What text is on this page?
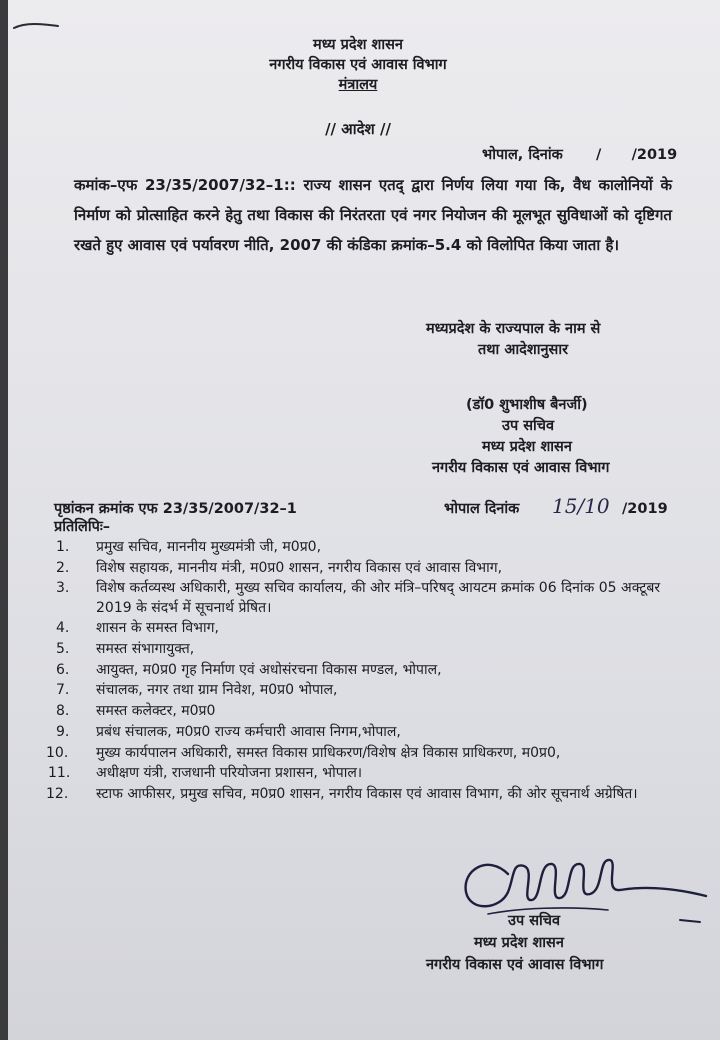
मध्य प्रदेश शासन
नगरीय विकास एवं आवास विभाग
मंत्रालय
// आदेश //
भोपाल, दिनांक /      /2019
कमांक–एफ 23/35/2007/32–1:: राज्य शासन एतद् द्वारा निर्णय लिया गया कि, वैध कालोनियों के निर्माण को प्रोत्साहित करने हेतु तथा विकास की निरंतरता एवं नगर नियोजन की मूलभूत सुविधाओं को दृष्टिगत रखते हुए आवास एवं पर्यावरण नीति, 2007 की कंडिका क्रमांक–5.4 को विलोपित किया जाता है।
मध्यप्रदेश के राज्यपाल के नाम से
तथा आदेशानुसार
(डॉ0 शुभाशीष बैनर्जी)
उप सचिव
मध्य प्रदेश शासन
नगरीय विकास एवं आवास विभाग
पृष्ठांकन क्रमांक एफ 23/35/2007/32–1	भोपाल दिनांक 15/10 /2019
प्रतिलिपिः–
1.	प्रमुख सचिव, माननीय मुख्यमंत्री जी, म0प्र0,
2.	विशेष सहायक, माननीय मंत्री, म0प्र0 शासन, नगरीय विकास एवं आवास विभाग,
3.	विशेष कर्तव्यस्थ अधिकारी, मुख्य सचिव कार्यालय, की ओर मंत्रि–परिषद् आयटम क्रमांक 06 दिनांक 05 अक्टूबर 2019 के संदर्भ में सूचनार्थ प्रेषित।
4.	शासन के समस्त विभाग,
5.	समस्त संभागायुक्त,
6.	आयुक्त, म0प्र0 गृह निर्माण एवं अधोसंरचना विकास मण्डल, भोपाल,
7.	संचालक, नगर तथा ग्राम निवेश, म0प्र0 भोपाल,
8.	समस्त कलेक्टर, म0प्र0
9.	प्रबंध संचालक, म0प्र0 राज्य कर्मचारी आवास निगम,भोपाल,
10.	मुख्य कार्यपालन अधिकारी, समस्त विकास प्राधिकरण/विशेष क्षेत्र विकास प्राधिकरण, म0प्र0,
11.	अधीक्षण यंत्री, राजधानी परियोजना प्रशासन, भोपाल।
12.	स्टाफ आफीसर, प्रमुख सचिव, म0प्र0 शासन, नगरीय विकास एवं आवास विभाग, की ओर सूचनार्थ अग्रेषित।
उप सचिव
मध्य प्रदेश शासन
नगरीय विकास एवं आवास विभाग
